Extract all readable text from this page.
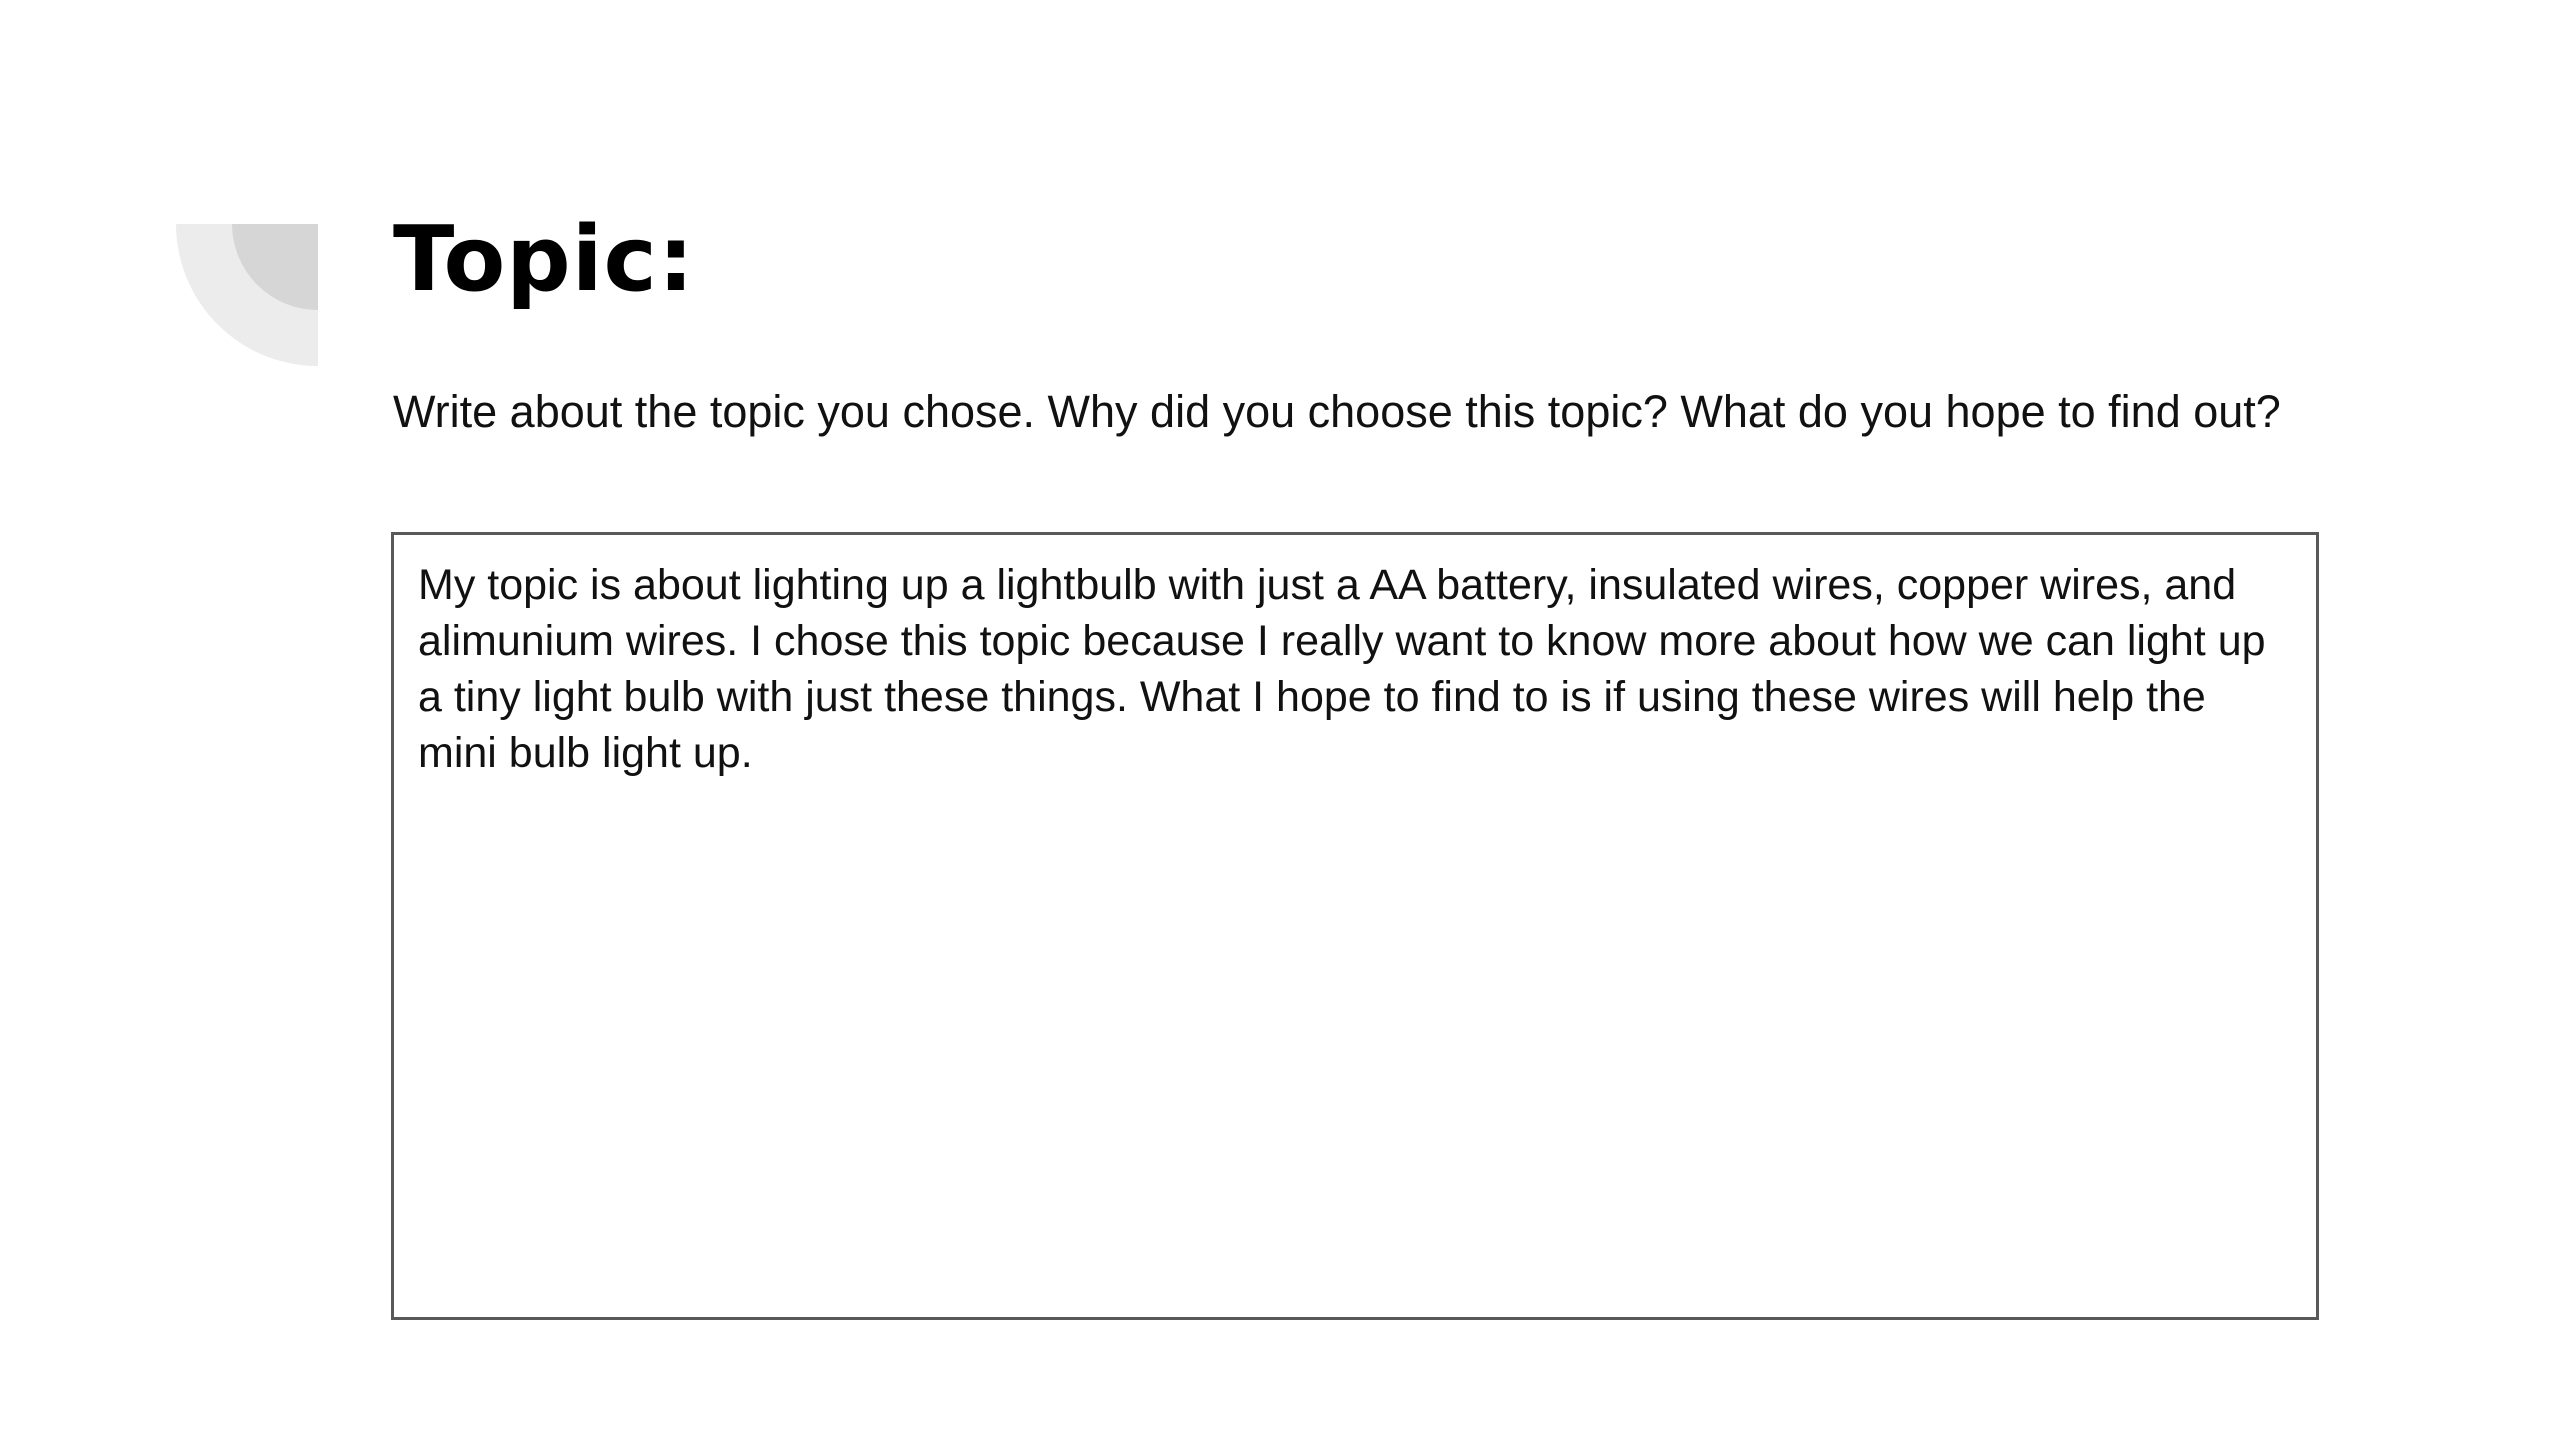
Topic:

Write about the topic you chose. Why did you choose this topic? What do you hope to find out?

My topic is about lighting up a lightbulb with just a AA battery, insulated wires, copper wires, and alimunium wires. I chose this topic because I really want to know more about how we can light up a tiny light bulb with just these things. What I hope to find to is if using these wires will help the mini bulb light up.
